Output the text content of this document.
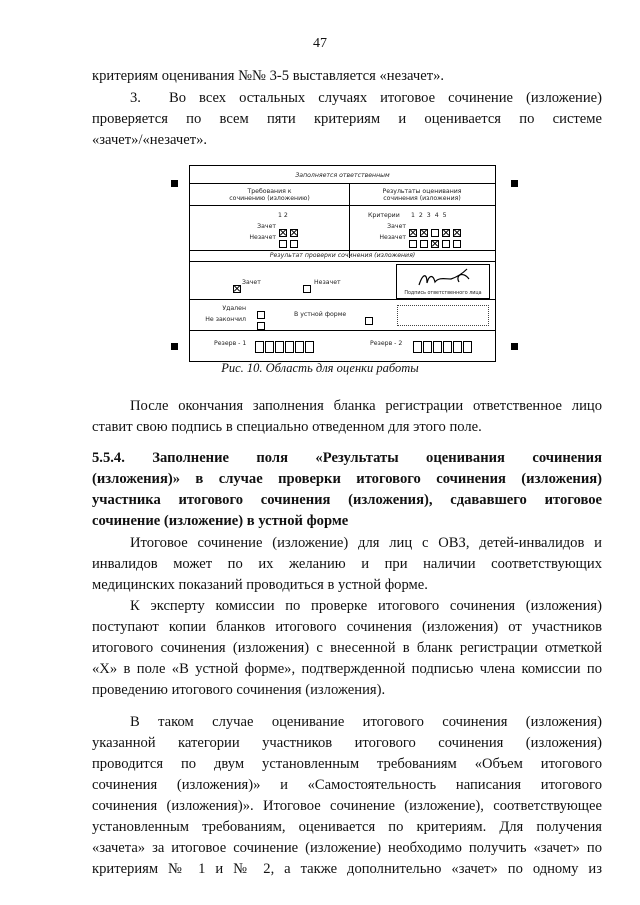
47
критериям оценивания №№ 3-5 выставляется «незачет».
3. Во всех остальных случаях итоговое сочинение (изложение)
проверяется по всем пяти критериям и оценивается по системе
«зачет»/«незачет».
Заполняется ответственным
Требования к
сочинению (изложению)
Результаты оценивания
сочинения (изложения)
1 2
Зачет
Незачет
Критерии 1 2 3 4 5
Зачет
Незачет
Результат проверки сочинения (изложения)
Зачет	Незачет
Подпись ответственного лица
Удален
Не закончил
В устной форме
Резерв - 1	Резерв - 2
Рис. 10. Область для оценки работы
После окончания заполнения бланка регистрации ответственное лицо
ставит свою подпись в специально отведенном для этого поле.
5.5.4. Заполнение поля «Результаты оценивания сочинения
(изложения)» в случае проверки итогового сочинения (изложения)
участника итогового сочинения (изложения), сдававшего итоговое
сочинение (изложение) в устной форме
Итоговое сочинение (изложение) для лиц с ОВЗ, детей-инвалидов и
инвалидов может по их желанию и при наличии соответствующих
медицинских показаний проводиться в устной форме.
К эксперту комиссии по проверке итогового сочинения (изложения)
поступают копии бланков итогового сочинения (изложения) от участников
итогового сочинения (изложения) с внесенной в бланк регистрации отметкой
«X» в поле «В устной форме», подтвержденной подписью члена комиссии по
проведению итогового сочинения (изложения).
В таком случае оценивание итогового сочинения (изложения)
указанной категории участников итогового сочинения (изложения)
проводится по двум установленным требованиям «Объем итогового
сочинения (изложения)» и «Самостоятельность написания итогового
сочинения (изложения)». Итоговое сочинение (изложение), соответствующее
установленным требованиям, оценивается по критериям. Для получения
«зачета» за итоговое сочинение (изложение) необходимо получить «зачет» по
критериям № 1 и № 2, а также дополнительно «зачет» по одному из
